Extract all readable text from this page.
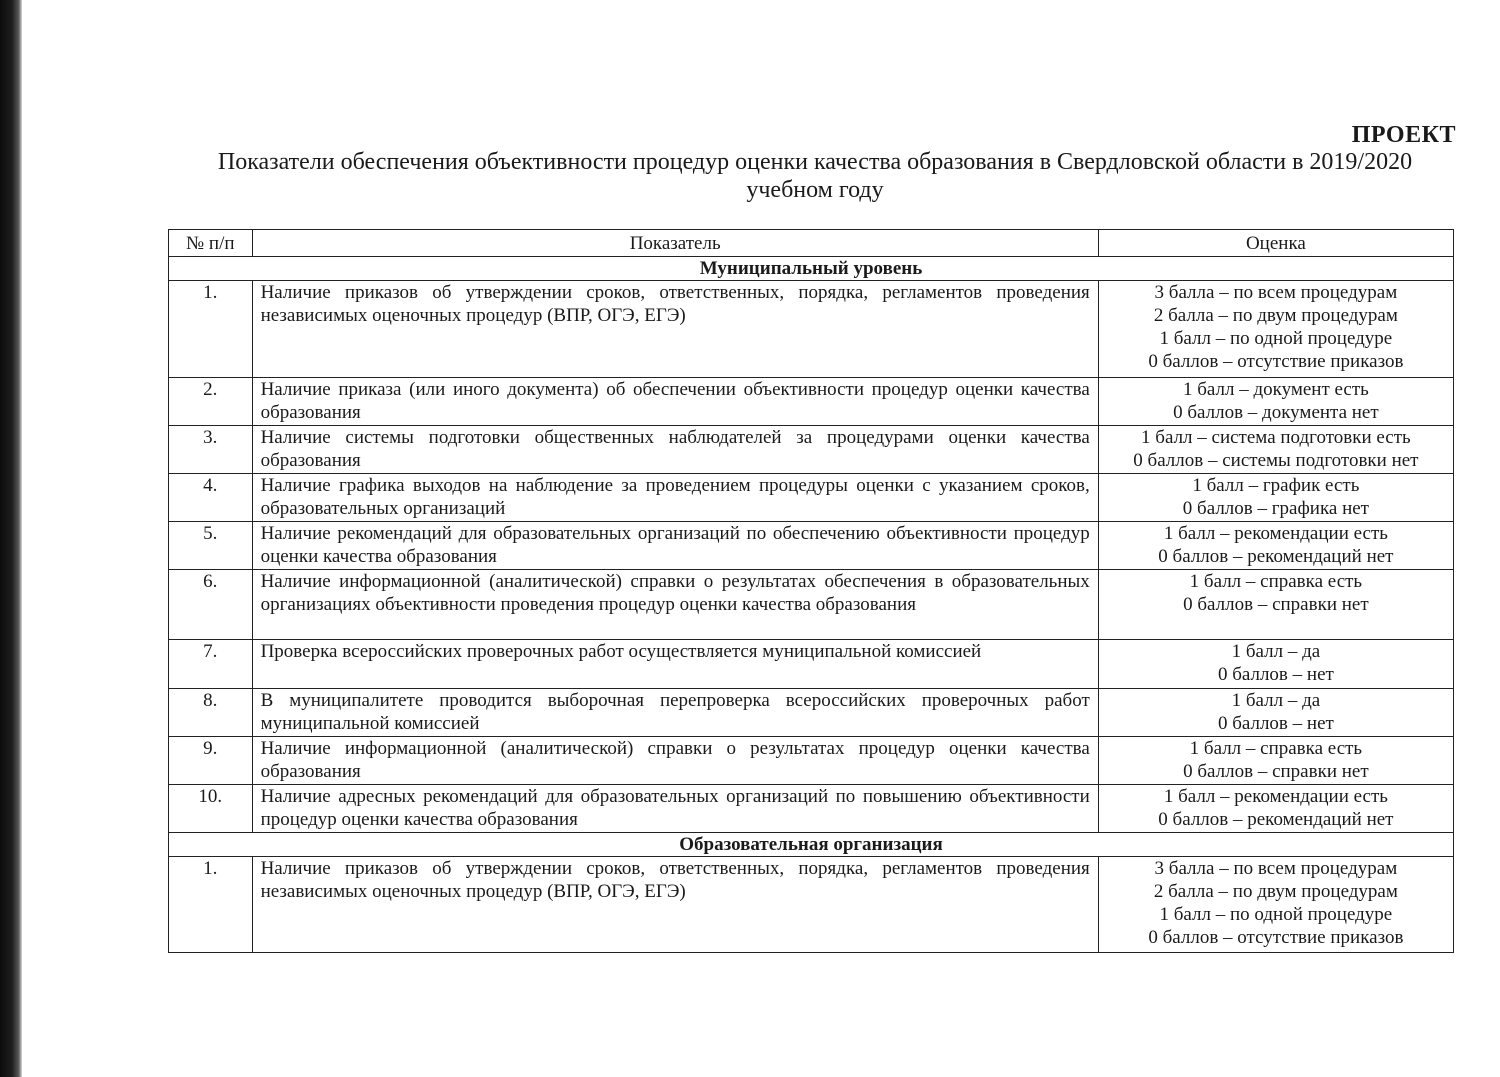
ПРОЕКТ
Показатели обеспечения объективности процедур оценки качества образования в Свердловской области в 2019/2020
учебном году
№ п/п	Показатель	Оценка
Муниципальный уровень		
1.	Наличие приказов об утверждении сроков, ответственных, порядка, регламентов проведения независимых оценочных процедур (ВПР, ОГЭ, ЕГЭ)	3 балла – по всем процедурам
2 балла – по двум процедурам
1 балл – по одной процедуре
0 баллов – отсутствие приказов

2.	Наличие приказа (или иного документа) об обеспечении объективности процедур оценки качества образования	1 балл – документ есть
0 баллов – документа нет

3.	Наличие системы подготовки общественных наблюдателей за процедурами оценки качества образования	1 балл – система подготовки есть
0 баллов – системы подготовки нет

4.	Наличие графика выходов на наблюдение за проведением процедуры оценки с указанием сроков, образовательных организаций	1 балл – график есть
0 баллов – графика нет

5.	Наличие рекомендаций для образовательных организаций по обеспечению объективности процедур оценки качества образования	1 балл – рекомендации есть
0 баллов – рекомендаций нет

6.	Наличие информационной (аналитической) справки о результатах обеспечения в образовательных организациях объективности проведения процедур оценки качества образования	1 балл – справка есть
0 баллов – справки нет

7.	Проверка всероссийских проверочных работ осуществляется муниципальной комиссией	1 балл – да
0 баллов – нет

8.	В муниципалитете проводится выборочная перепроверка всероссийских проверочных работ муниципальной комиссией	1 балл – да
0 баллов – нет

9.	Наличие информационной (аналитической) справки о результатах процедур оценки качества образования	1 балл – справка есть
0 баллов – справки нет

10.	Наличие адресных рекомендаций для образовательных организаций по повышению объективности процедур оценки качества образования	1 балл – рекомендации есть
0 баллов – рекомендаций нет

Образовательная организация		
1.	Наличие приказов об утверждении сроков, ответственных, порядка, регламентов проведения независимых оценочных процедур (ВПР, ОГЭ, ЕГЭ)	3 балла – по всем процедурам
2 балла – по двум процедурам
1 балл – по одной процедуре
0 баллов – отсутствие приказов
